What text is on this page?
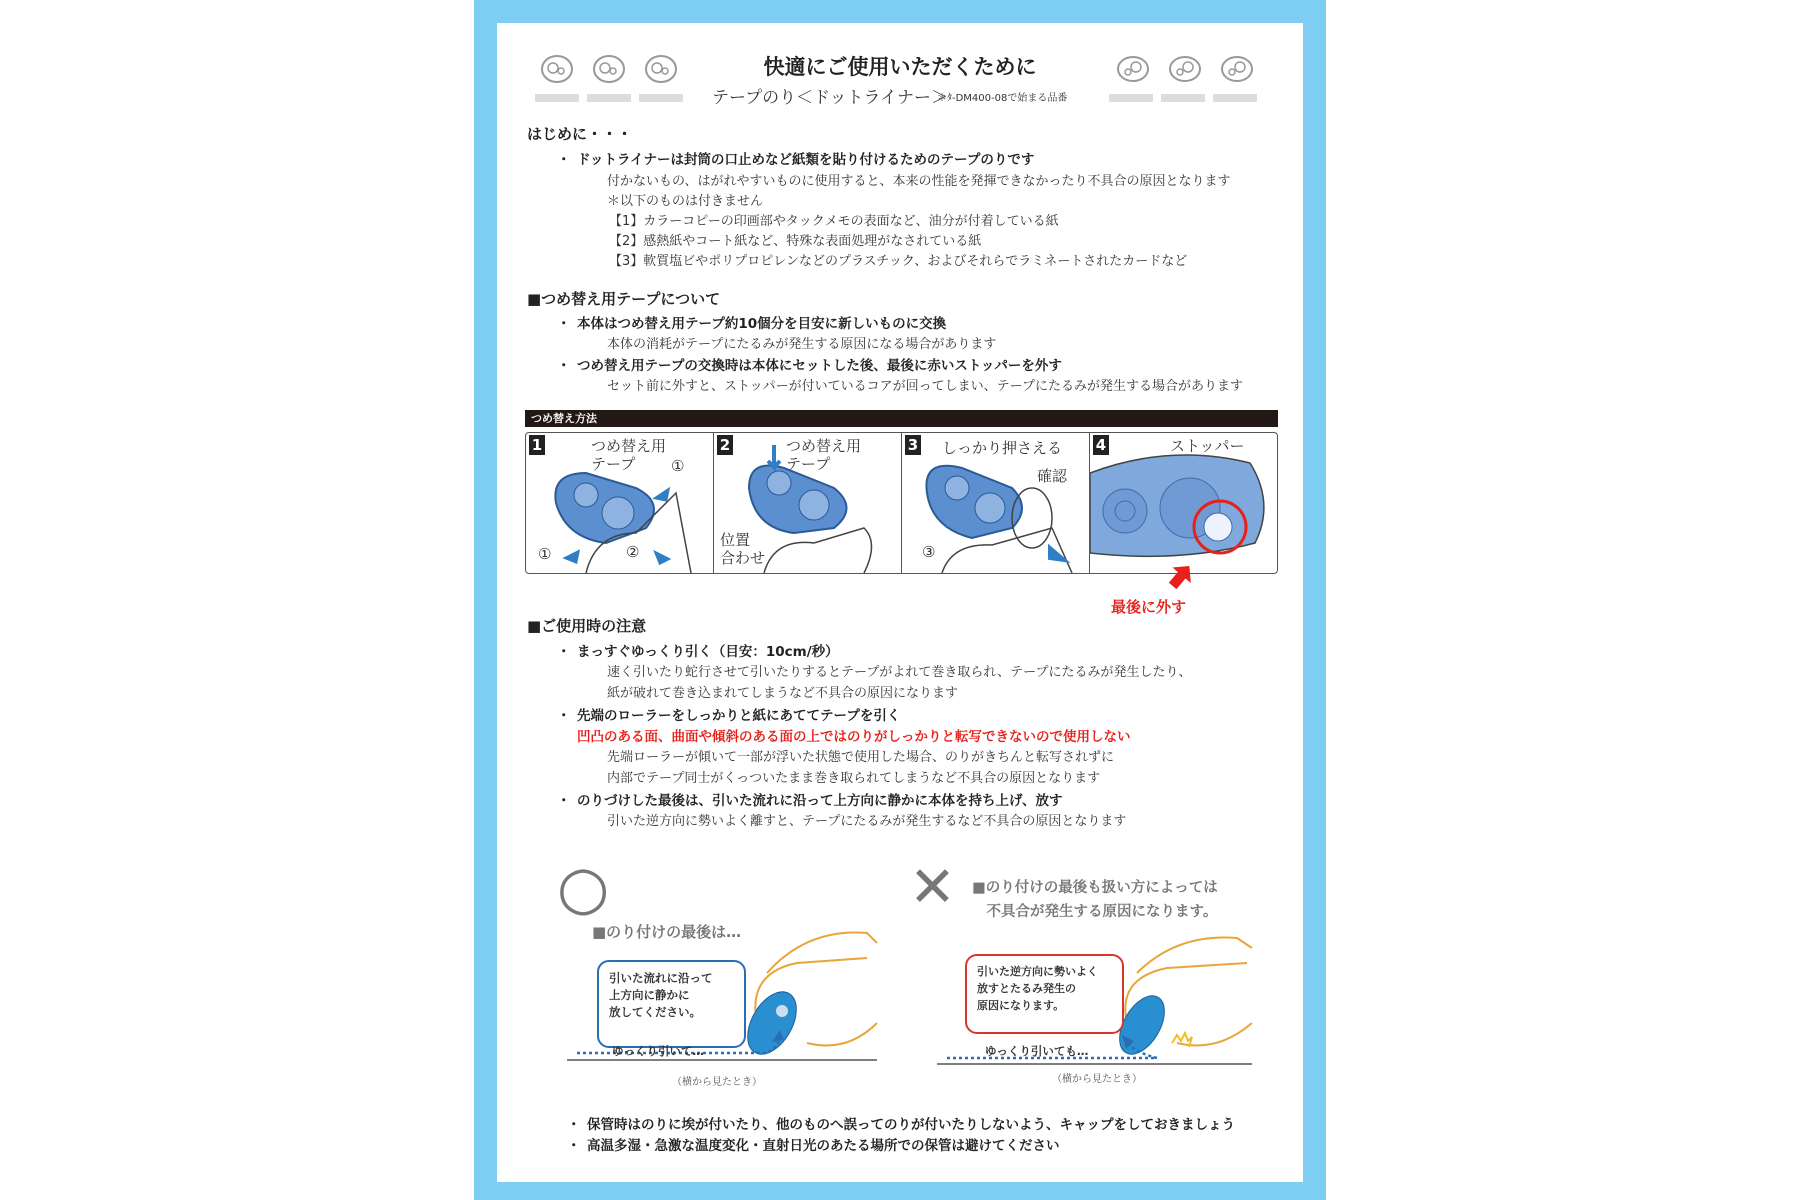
快適にご使用いただくために
テープのり＜ドットライナー＞
＊ﾀ-DM400-08で始まる品番
はじめに・・・
・ ドットライナーは封筒の口止めなど紙類を貼り付けるためのテープのりです
付かないもの、はがれやすいものに使用すると、本来の性能を発揮できなかったり不具合の原因となります
＊以下のものは付きません
【1】カラーコピーの印画部やタックメモの表面など、油分が付着している紙
【2】感熱紙やコート紙など、特殊な表面処理がなされている紙
【3】軟質塩ビやポリプロピレンなどのプラスチック、およびそれらでラミネートされたカードなど
■つめ替え用テープについて
・ 本体はつめ替え用テープ約10個分を目安に新しいものに交換
本体の消耗がテープにたるみが発生する原因になる場合があります
・ つめ替え用テープの交換時は本体にセットした後、最後に赤いストッパーを外す
セット前に外すと、ストッパーが付いているコアが回ってしまい、テープにたるみが発生する場合があります
つめ替え方法
1	つめ替え用
テープ	①
①	②
2	つめ替え用
テープ
位置
合わせ
3 しっかり押さえる
確認
③
4	ストッパー
最後に外す
■ご使用時の注意
・ まっすぐゆっくり引く（目安：10cm/秒）
速く引いたり蛇行させて引いたりするとテープがよれて巻き取られ、テープにたるみが発生したり、
紙が破れて巻き込まれてしまうなど不具合の原因になります
・ 先端のローラーをしっかりと紙にあててテープを引く
凹凸のある面、曲面や傾斜のある面の上ではのりがしっかりと転写できないので使用しない
先端ローラーが傾いて一部が浮いた状態で使用した場合、のりがきちんと転写されずに
内部でテープ同士がくっついたまま巻き取られてしまうなど不具合の原因となります
・ のりづけした最後は、引いた流れに沿って上方向に静かに本体を持ち上げ、放す
引いた逆方向に勢いよく離すと、テープにたるみが発生するなど不具合の原因となります
○
■のり付けの最後は…
引いた流れに沿って
上方向に静かに
放してください。
ゆっくり引いて…
（横から見たとき）
✕ ■のり付けの最後も扱い方によっては
　不具合が発生する原因になります。
引いた逆方向に勢いよく
放すとたるみ発生の
原因になります。
ゆっくり引いても…
（横から見たとき）
・ 保管時はのりに埃が付いたり、他のものへ誤ってのりが付いたりしないよう、キャップをしておきましょう
・ 高温多湿・急激な温度変化・直射日光のあたる場所での保管は避けてください
